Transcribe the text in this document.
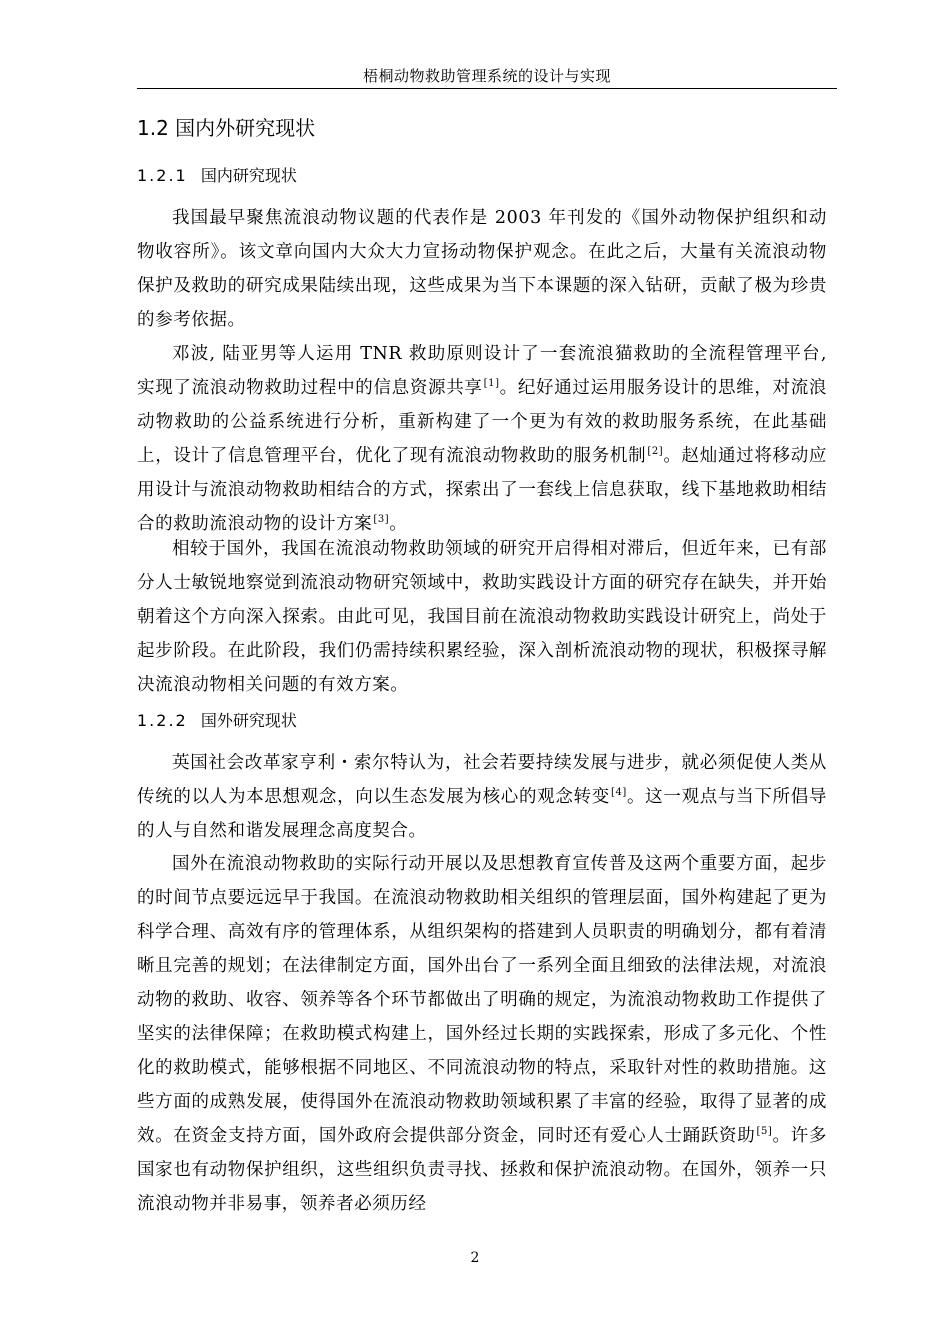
梧桐动物救助管理系统的设计与实现
1.2 国内外研究现状
1.2.1 国内研究现状

我国最早聚焦流浪动物议题的代表作是 2003 年刊发的《国外动物保护组织和动物收容所》。该文章向国内大众大力宣扬动物保护观念。在此之后，大量有关流浪动物保护及救助的研究成果陆续出现，这些成果为当下本课题的深入钻研，贡献了极为珍贵的参考依据。

邓波, 陆亚男等人运用 TNR 救助原则设计了一套流浪猫救助的全流程管理平台, 实现了流浪动物救助过程中的信息资源共享[1]。纪好通过运用服务设计的思维，对流浪动物救助的公益系统进行分析，重新构建了一个更为有效的救助服务系统，在此基础上，设计了信息管理平台，优化了现有流浪动物救助的服务机制[2]。赵灿通过将移动应用设计与流浪动物救助相结合的方式，探索出了一套线上信息获取，线下基地救助相结合的救助流浪动物的设计方案[3]。

相较于国外，我国在流浪动物救助领域的研究开启得相对滞后，但近年来，已有部分人士敏锐地察觉到流浪动物研究领域中，救助实践设计方面的研究存在缺失，并开始朝着这个方向深入探索。由此可见，我国目前在流浪动物救助实践设计研究上，尚处于起步阶段。在此阶段，我们仍需持续积累经验，深入剖析流浪动物的现状，积极探寻解决流浪动物相关问题的有效方案。

1.2.2 国外研究现状

英国社会改革家亨利・索尔特认为，社会若要持续发展与进步，就必须促使人类从传统的以人为本思想观念，向以生态发展为核心的观念转变[4]。这一观点与当下所倡导的人与自然和谐发展理念高度契合。

国外在流浪动物救助的实际行动开展以及思想教育宣传普及这两个重要方面，起步的时间节点要远远早于我国。在流浪动物救助相关组织的管理层面，国外构建起了更为科学合理、高效有序的管理体系，从组织架构的搭建到人员职责的明确划分，都有着清晰且完善的规划；在法律制定方面，国外出台了一系列全面且细致的法律法规，对流浪动物的救助、收容、领养等各个环节都做出了明确的规定，为流浪动物救助工作提供了坚实的法律保障；在救助模式构建上，国外经过长期的实践探索，形成了多元化、个性化的救助模式，能够根据不同地区、不同流浪动物的特点，采取针对性的救助措施。这些方面的成熟发展，使得国外在流浪动物救助领域积累了丰富的经验，取得了显著的成效。在资金支持方面，国外政府会提供部分资金，同时还有爱心人士踊跃资助[5]。许多国家也有动物保护组织，这些组织负责寻找、拯救和保护流浪动物。在国外，领养一只流浪动物并非易事，领养者必须历经

2
